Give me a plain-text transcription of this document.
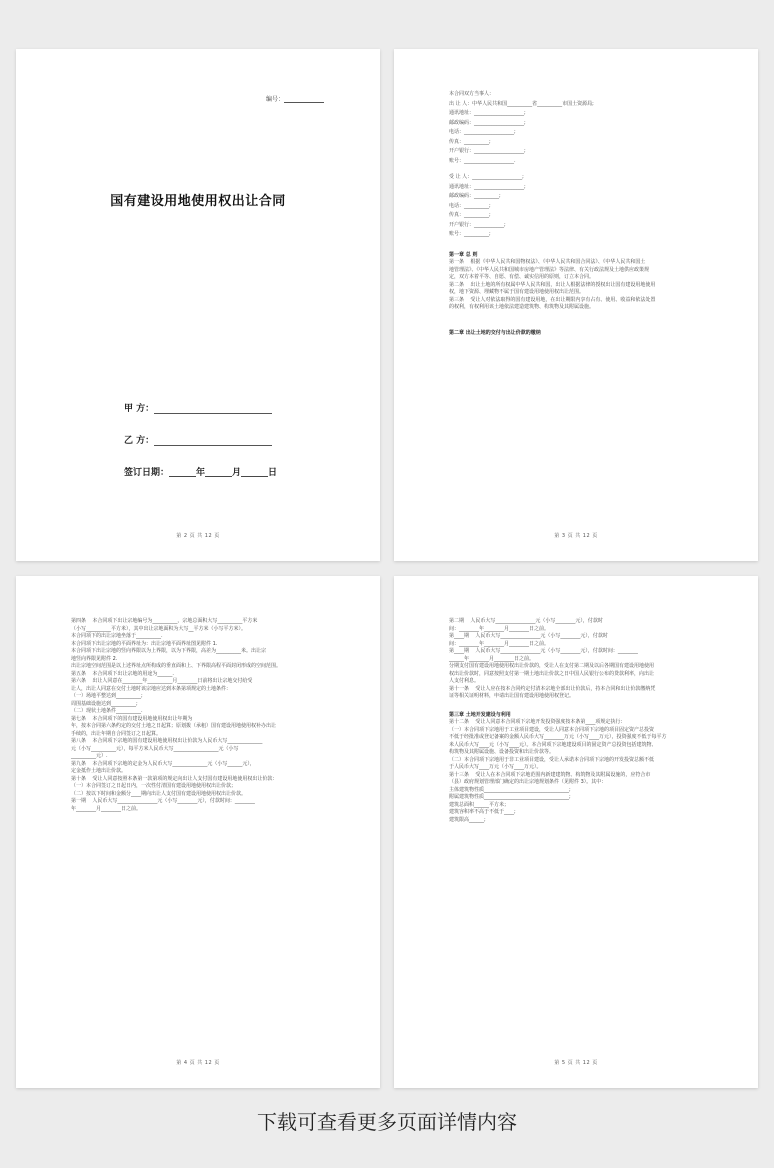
编号：
国有建设用地使用权出让合同
甲 方：
乙 方：
签订日期：______年______月______日
第 2 页 共 12 页
本合同双方当事人：
出 让 人：中华人民共和国__________省__________市国土资源局;
通讯地址：____________________;
邮政编码：____________________;
电话：____________________;
传真：__________;
开户银行：____________________;
账号：____________________.
受 让 人：____________________;
通讯地址：____________________;
邮政编码：__________;
电话：__________;
传真：__________;
开户银行：____________;
账号：__________;
第一章 总 则
第一条    根据《中华人民共和国物权法》、《中华人民共和国合同法》、《中华人民共和国土
地管理法》、《中华人民共和国城市房地产管理法》等法律、有关行政法规及土地供应政策规
定，双方本着平等、自愿、有偿、诚实信用的原则，订立本合同。
第二条    出让土地的所有权属中华人民共和国，出让人根据法律的授权出让国有建设用地使用
权，地下资源、埋藏物不属于国有建设用地使用权出让范围。
第三条    受让人对依法取得的国有建设用地，在出让期限内享有占有、使用、收益和依法处置
的权利，有权利用该土地依法建造建筑物、构筑物及其附属设施。
第二章 出让土地的交付与出让价款的缴纳
第 3 页 共 12 页
第四条    本合同项下出让宗地编号为__________，宗地总面积大写__________平方米
（小写__________平方米），其中出让宗地面积为大写__平方米（小写平方米）。
本合同项下的出让宗地坐落于__________.
本合同项下出让宗地的平面界址为：出让宗地平面界址图见附件 1.
本合同项下出让宗地的竖向界限以为上界限，以为下界限，高差为__________米。出让宗
地竖向界限见附件 2.
出让宗地空间范围是以上述界址点所构成的垂直面和上、下界限高程平面封闭形成的空间范围。
第五条    本合同项下出让宗地的用途为______.
第六条    出让人同意在________年__________月________日前将出让宗地交付给受
让人，出让人同意在交付土地时该宗地应达到本条第项规定的土地条件：
（一）场地平整达到__________;
周围基础设施达到__________;
（二）现状土地条件__________.
第七条    本合同项下的国有建设用地使用权出让年期为
年，按本合同第六条约定的交付土地之日起算；原划拨（承租）国有建设用地使用权补办出让
手续的，出让年期自合同签订之日起算。
第八条    本合同项下宗地的国有建设用地使用权出让价款为人民币大写______________
元（小写__________元），每平方米人民币大写__________________元（小写
__________元）.
第九条    本合同项下宗地的定金为人民币大写______________元（小写______元），
定金抵作土地出让价款。
第十条    受让人同意按照本条第一款第项的规定向出让人支付国有建设用地使用权出让价款：
（一）本合同签订之日起日内，一次性付清国有建设用地使用权出让价款；
（二）按以下时间和金额分____期向出让人支付国有建设用地使用权出让价款。
第一期    人民币大写________________元（小写________元），付款时间：________
年________月________日之前。
第 4 页 共 12 页
第二期    人民币大写________________元（小写________元），付款时
间：________年________月________日之前。
第____期    人民币大写________________元（小写________元），付款时
间：________年________月________日之前。
第____期    人民币大写________________元（小写________元），付款时间：________
______年________月________日之前。
分期支付国有建设用地使用权出让价款的，受让人在支付第二期及以后各期国有建设用地使用
权出让价款时，同意按照支付第一期土地出让价款之日中国人民银行公布的贷款利率，向出让
人支付利息。
第十一条    受让人应在按本合同约定付清本宗地全部出让价款后，持本合同和出让价款缴纳凭
证等相关证明材料，申请出让国有建设用地使用权登记。
第三章 土地开发建设与利用
第十二条    受让人同意本合同项下宗地开发投资强度按本条第____项规定执行：
（一）本合同项下宗地用于工业项目建设，受让人同意本合同项下宗地的项目固定资产总投资
不低于经批准或登记备案的金额人民币大写________万元（小写____万元），投资强度不低于每平方
米人民币大写____元（小写____元）。本合同项下宗地建设项目的固定资产总投资包括建筑物、
构筑物及其附属设施、设备投资和出让价款等。
（二）本合同项下宗地用于非工业项目建设，受让人承诺本合同项下宗地的开发投资总额不低
于人民币大写____万元（小写____万元）。
第十三条    受让人在本合同项下宗地范围内新建建筑物、构筑物及其附属设施的，应符合市
（县）政府规划管理部门确定的出让宗地规划条件（见附件 3）。其中：
主体建筑物性质__________________________________;
附属建筑物性质__________________________________;
建筑总面积______平方米；
建筑容积率不高于不低于____;
建筑限高______;
第 5 页 共 12 页
下载可查看更多页面详情内容
